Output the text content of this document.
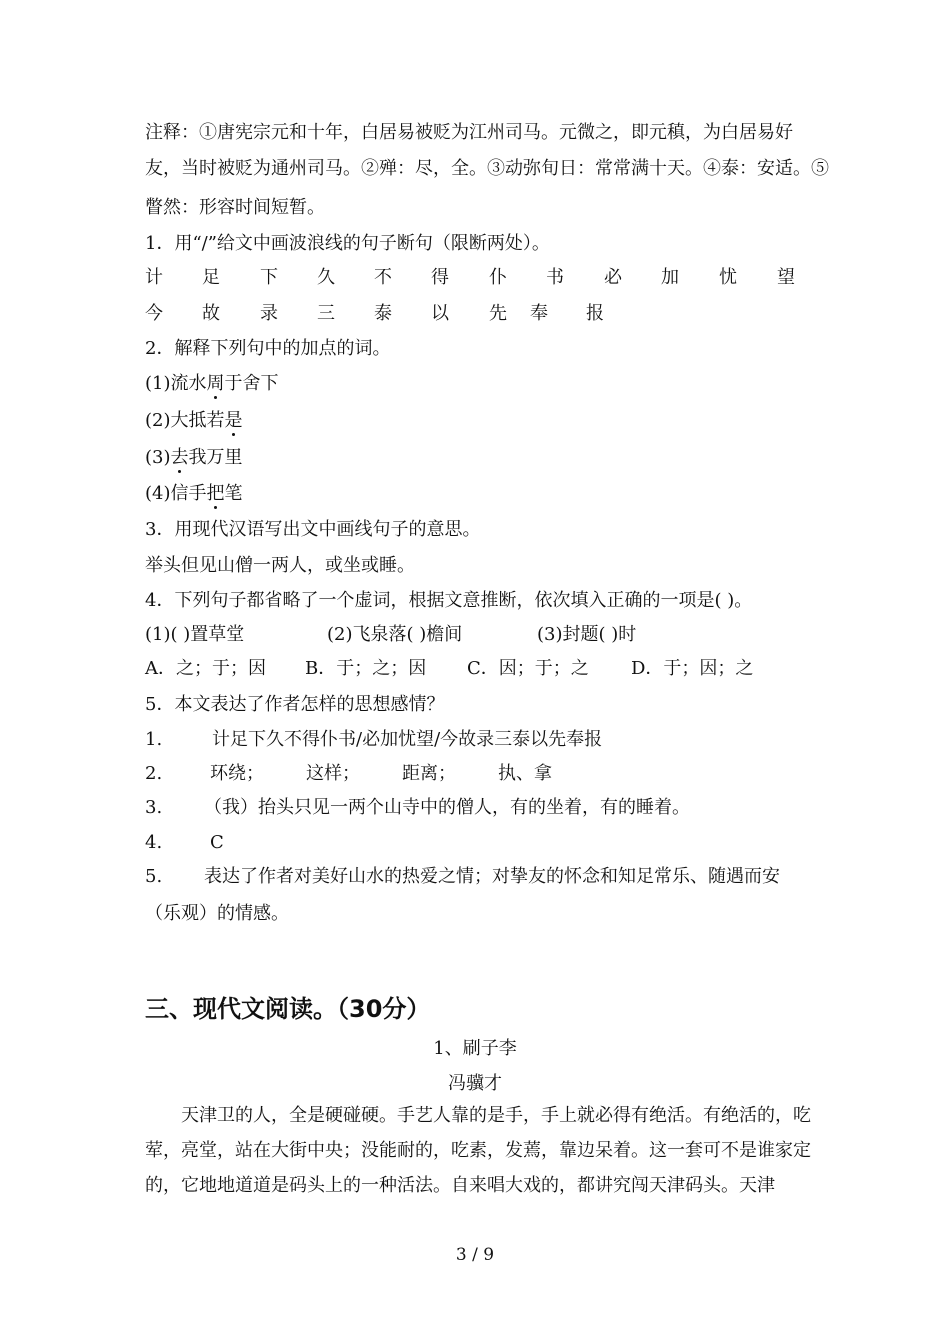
注释：①唐宪宗元和十年，白居易被贬为江州司马。元微之，即元稹，为白居易好
友，当时被贬为通州司马。②殚：尽，全。③动弥旬日：常常满十天。④泰：安适。⑤
瞥然：形容时间短暂。
1．用“/”给文中画波浪线的句子断句（限断两处）。
计 足 下 久 不 得 仆 书 必 加 忧 望
今 故 录 三 泰 以 先 奉 报
2．解释下列句中的加点的词。
(1)流水周于舍下
(2)大抵若是
(3)去我万里
(4)信手把笔
3．用现代汉语写出文中画线句子的意思。
举头但见山僧一两人，或坐或睡。
4．下列句子都省略了一个虚词，根据文意推断，依次填入正确的一项是( )。
(1)( )置草堂	(2)飞泉落( )檐间	(3)封题( )时
A．之；于；因 B．于；之；因 C．因；于；之 D．于；因；之
5．本文表达了作者怎样的思想感情？
1.	计足下久不得仆书/必加忧望/今故录三泰以先奉报
2.	环绕； 这样； 距离； 执、拿
3. （我）抬头只见一两个山寺中的僧人，有的坐着，有的睡着。
4.	C
5. 表达了作者对美好山水的热爱之情；对挚友的怀念和知足常乐、随遇而安
（乐观）的情感。
三、现代文阅读。（30分）
1、刷子李
冯骥才
天津卫的人，全是硬碰硬。手艺人靠的是手，手上就必得有绝活。有绝活的，吃荤，亮堂，站在大街中央；没能耐的，吃素，发蔫，靠边呆着。这一套可不是谁家定的，它地地道道是码头上的一种活法。自来唱大戏的，都讲究闯天津码头。天津
3 / 9
